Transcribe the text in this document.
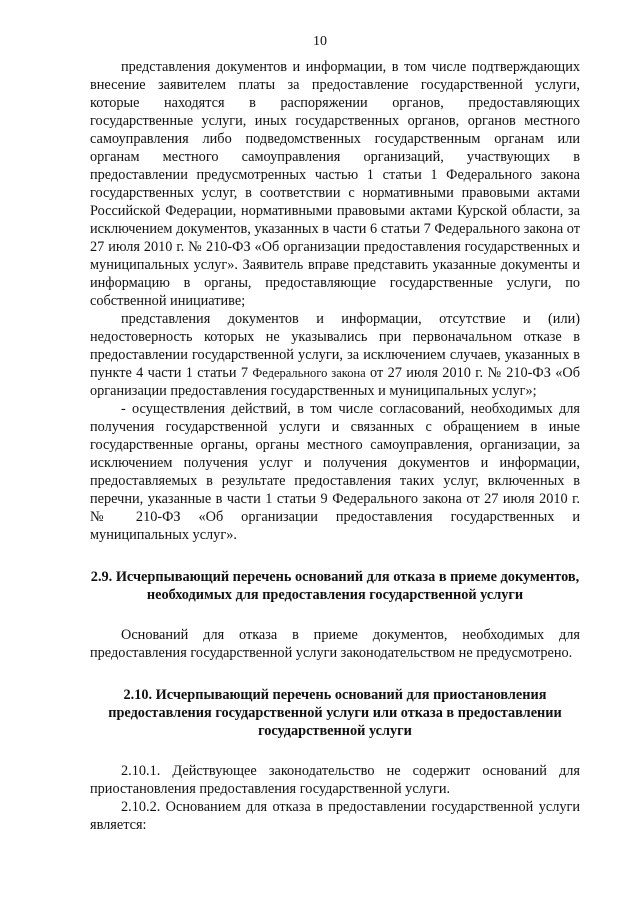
10

представления документов и информации, в том числе подтверждающих внесение заявителем платы за предоставление государственной услуги, которые находятся в распоряжении органов, предоставляющих государственные услуги, иных государственных органов, органов местного самоуправления либо подведомственных государственным органам или органам местного самоуправления организаций, участвующих в предоставлении предусмотренных частью 1 статьи 1 Федерального закона государственных услуг, в соответствии с нормативными правовыми актами Российской Федерации, нормативными правовыми актами Курской области, за исключением документов, указанных в части 6 статьи 7 Федерального закона от 27 июля 2010 г. № 210-ФЗ «Об организации предоставления государственных и муниципальных услуг». Заявитель вправе представить указанные документы и информацию в органы, предоставляющие государственные услуги, по собственной инициативе;

представления документов и информации, отсутствие и (или) недостоверность которых не указывались при первоначальном отказе в предоставлении государственной услуги, за исключением случаев, указанных в пункте 4 части 1 статьи 7 Федерального закона от 27 июля 2010 г. № 210-ФЗ «Об организации предоставления государственных и муниципальных услуг»;

- осуществления действий, в том числе согласований, необходимых для получения государственной услуги и связанных с обращением в иные государственные органы, органы местного самоуправления, организации, за исключением получения услуг и получения документов и информации, предоставляемых в результате предоставления таких услуг, включенных в перечни, указанные в части 1 статьи 9 Федерального закона от 27 июля 2010 г. № 210-ФЗ «Об организации предоставления государственных и муниципальных услуг».

2.9. Исчерпывающий перечень оснований для отказа в приеме документов, необходимых для предоставления государственной услуги

Оснований для отказа в приеме документов, необходимых для предоставления государственной услуги законодательством не предусмотрено.

2.10. Исчерпывающий перечень оснований для приостановления

предоставления государственной услуги или отказа в предоставлении

государственной услуги

2.10.1. Действующее законодательство не содержит оснований для приостановления предоставления государственной услуги.

2.10.2. Основанием для отказа в предоставлении государственной услуги является:
